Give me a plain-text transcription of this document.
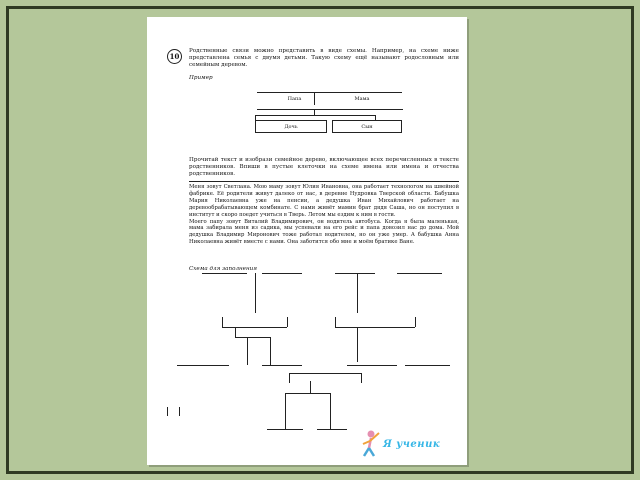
10
Родственные связи можно представить в виде схемы. Например, на схеме ниже представлена семья с двумя детьми. Такую схему ещё называют родословным или семейным деревом.
Пример
Папа	Мама
Дочь	Сын
Прочитай текст и изобрази семейное дерево, включающее всех перечисленных в тексте родственников. Впиши в пустые клеточки на схеме имена или имена и отчества родственников.

Меня зовут Светлана. Мою маму зовут Юлия Ивановна, она работает технологом на швейной фабрике. Её родители живут далеко от нас, в деревне Нудровка Тверской области. Бабушка Мария Николаевна уже на пенсии, а дедушка Иван Михайлович работает на деревообрабатывающем комбинате. С нами живёт мамин брат дядя Саша, но он поступил в институт и скоро поедет учиться в Тверь. Летом мы ездим к ним в гости.

Моего папу зовут Виталий Владимирович, он водитель автобуса. Когда я была маленькая, мама забирала меня из садика, мы успевали на его рейс и папа довозил нас до дома. Мой дедушка Владимир Миронович тоже работал водителем, но он уже умер. А бабушка Анна Николаевна живёт вместе с нами. Она заботится обо мне и моём братике Ване.

Схема для заполнения
Я ученик
